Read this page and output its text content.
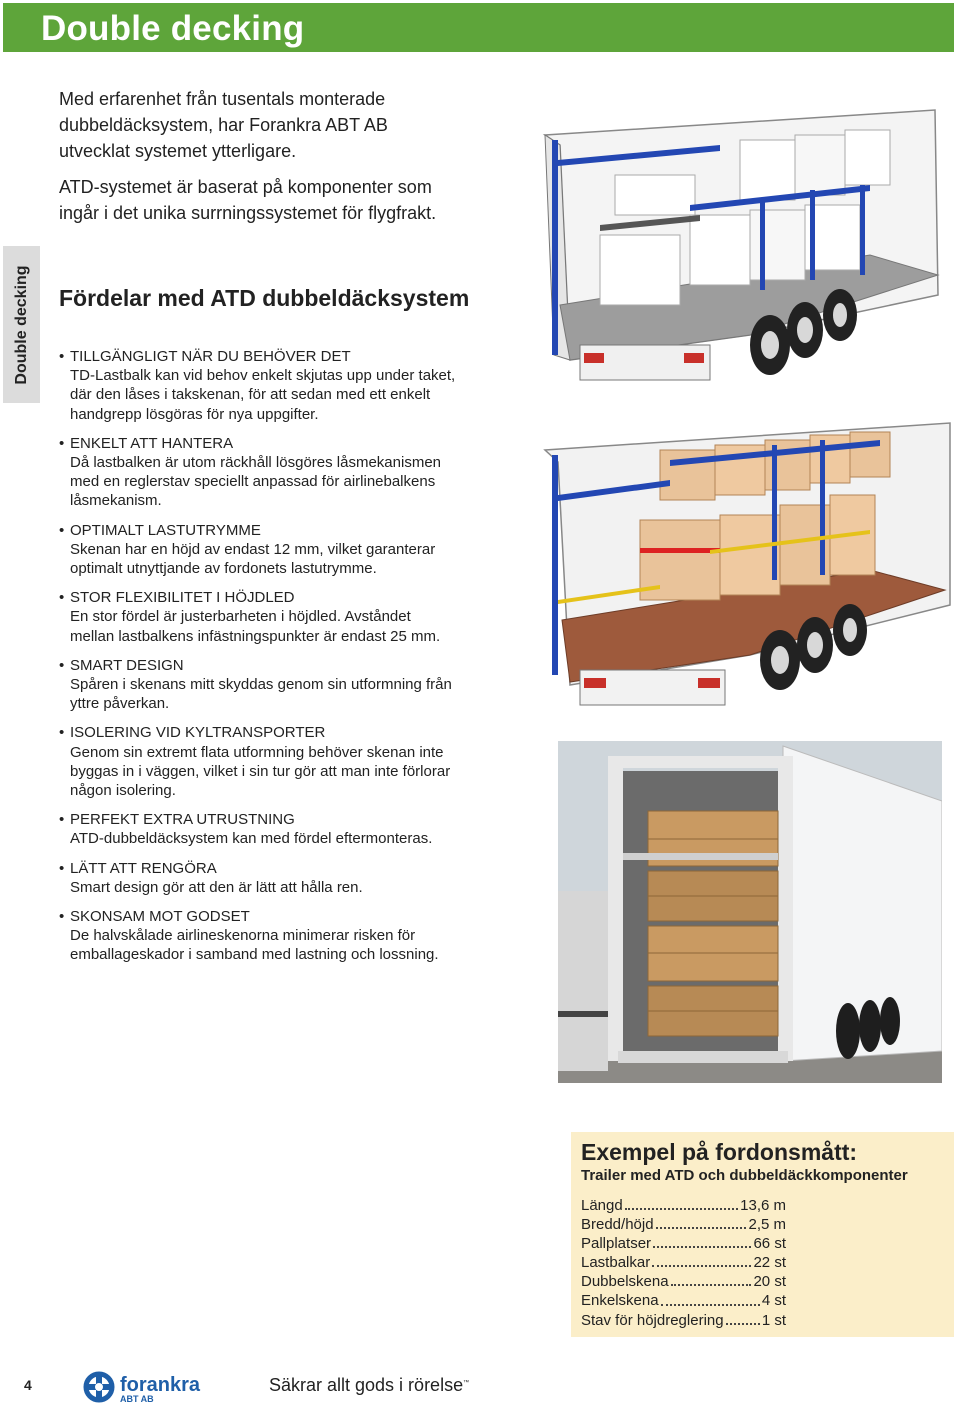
Double decking
Double decking

Med erfarenhet från tusentals monterade dubbeldäcksystem, har Forankra ABT AB utvecklat systemet ytterligare.

ATD-systemet är baserat på komponenter som ingår i det unika surrningssystemet för flygfrakt.

Fördelar med ATD dubbeldäcksystem
• TILLGÄNGLIGT NÄR DU BEHÖVER DET
TD-Lastbalk kan vid behov enkelt skjutas upp under taket, där den låses i takskenan, för att sedan med ett enkelt handgrepp lösgöras för nya uppgifter.
• ENKELT ATT HANTERA
Då lastbalken är utom räckhåll lösgöres låsmekanismen med en reglerstav speciellt anpassad för airlinebalkens låsmekanism.
• OPTIMALT LASTUTRYMME
Skenan har en höjd av endast 12 mm, vilket garanterar optimalt utnyttjande av fordonets lastutrymme.
• STOR FLEXIBILITET I HÖJDLED
En stor fördel är justerbarheten i höjdled. Avståndet mellan lastbalkens infästningspunkter är endast 25 mm.
• SMART DESIGN
Spåren i skenans mitt skyddas genom sin utformning från yttre påverkan.
• ISOLERING VID KYLTRANSPORTER
Genom sin extremt flata utformning behöver skenan inte byggas in i väggen, vilket i sin tur gör att man inte förlorar någon isolering.
• PERFEKT EXTRA UTRUSTNING
ATD-dubbeldäcksystem kan med fördel eftermonteras.
• LÄTT ATT RENGÖRA
Smart design gör att den är lätt att hålla ren.
• SKONSAM MOT GODSET
De halvskålade airlineskenorna minimerar risken för emballageskador i samband med lastning och lossning.
Exempel på fordonsmått:
Trailer med ATD och dubbeldäckkomponenter
Längd	13,6 m
Bredd/höjd	2,5 m
Pallplatser	66 st
Lastbalkar	22 st
Dubbelskena	20 st
Enkelskena	4 st
Stav för höjdreglering	1 st
4	forankra
ABT AB
Säkrar allt gods i rörelse™
